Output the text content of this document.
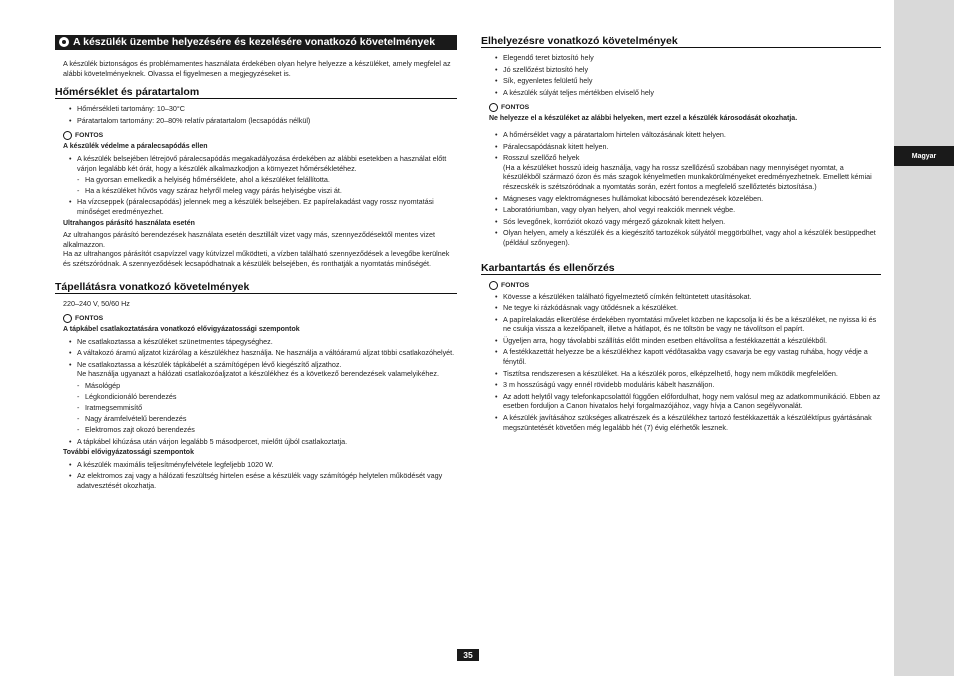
Magyar
A készülék üzembe helyezésére és kezelésére vonatkozó követelmények

A készülék biztonságos és problémamentes használata érdekében olyan helyre helyezze a készüléket, amely megfelel az alábbi követelményeknek. Olvassa el figyelmesen a megjegyzéseket is.

Hőmérséklet és páratartalom
• Hőmérsékleti tartomány: 10–30°C
• Páratartalom tartomány: 20–80% relatív páratartalom (lecsapódás nélkül)
FONTOS

A készülék védelme a páralecsapódás ellen

• A készülék belsejében létrejövő páralecsapódás megakadályozása érdekében az alábbi esetekben a használat előtt várjon legalább két órát, hogy a készülék alkalmazkodjon a környezet hőmérsékletéhez.
- Ha gyorsan emelkedik a helyiség hőmérséklete, ahol a készüléket felállította.
- Ha a készüléket hűvös vagy száraz helyről meleg vagy párás helyiségbe viszi át.
• Ha vízcseppek (páralecsapódás) jelennek meg a készülék belsejében. Ez papírelakadást vagy rossz nyomtatási minőséget eredményezhet.

Ultrahangos párásító használata esetén

Az ultrahangos párásító berendezések használata esetén desztillált vizet vagy más, szennyeződésektől mentes vizet alkalmazzon.
Ha az ultrahangos párásítót csapvízzel vagy kútvízzel működteti, a vízben található szennyeződések a levegőbe kerülnek és szétszóródnak. A szennyeződések lecsapódhatnak a készülék belsejében, és ronthatják a nyomtatás minőségét.

Tápellátásra vonatkozó követelmények

220–240 V, 50/60 Hz

FONTOS

A tápkábel csatlakoztatására vonatkozó elővigyázatossági szempontok

• Ne csatlakoztassa a készüléket szünetmentes tápegységhez.
• A váltakozó áramú aljzatot kizárólag a készülékhez használja. Ne használja a váltóáramú aljzat többi csatlakozóhelyét.
• Ne csatlakoztassa a készülék tápkábelét a számítógépen lévő kiegészítő aljzathoz.
Ne használja ugyanazt a hálózati csatlakozóaljzatot a készülékhez és a következő berendezések valamelyikéhez.
- Másológép
- Légkondicionáló berendezés
- Iratmegsemmisítő
- Nagy áramfelvételű berendezés
- Elektromos zajt okozó berendezés
• A tápkábel kihúzása után várjon legalább 5 másodpercet, mielőtt újból csatlakoztatja.

További elővigyázatossági szempontok

• A készülék maximális teljesítményfelvétele legfeljebb 1020 W.
• Az elektromos zaj vagy a hálózati feszültség hirtelen esése a készülék vagy számítógép helytelen működését vagy adatvesztését okozhatja.
Elhelyezésre vonatkozó követelmények
• Elegendő teret biztosító hely
• Jó szellőzést biztosító hely
• Sík, egyenletes felületű hely
• A készülék súlyát teljes mértékben elviselő hely
FONTOS

Ne helyezze el a készüléket az alábbi helyeken, mert ezzel a készülék károsodását okozhatja.

• A hőmérséklet vagy a páratartalom hirtelen változásának kitett helyen.
• Páralecsapódásnak kitett helyen.
• Rosszul szellőző helyek
(Ha a készüléket hosszú ideig használja, vagy ha rossz szellőzésű szobában nagy mennyiséget nyomtat, a készülékből származó ózon és más szagok kényelmetlen munkakörülményeket eredményezhetnek. Emellett kémiai részecskék is szétszóródnak a nyomtatás során, ezért fontos a megfelelő szellőztetés biztosítása.)
• Mágneses vagy elektromágneses hullámokat kibocsátó berendezések közelében.
• Laboratóriumban, vagy olyan helyen, ahol vegyi reakciók mennek végbe.
• Sós levegőnek, korróziót okozó vagy mérgező gázoknak kitett helyen.
• Olyan helyen, amely a készülék és a kiegészítő tartozékok súlyától meggörbülhet, vagy ahol a készülék besüppedhet (például szőnyegen).
Karbantartás és ellenőrzés
FONTOS
• Kövesse a készüléken található figyelmeztető címkén feltüntetett utasításokat.
• Ne tegye ki rázkódásnak vagy ütődésnek a készüléket.
• A papírelakadás elkerülése érdekében nyomtatási művelet közben ne kapcsolja ki és be a készüléket, ne nyissa ki és ne csukja vissza a kezelőpanelt, illetve a hátlapot, és ne töltsön be vagy ne távolítson el papírt.
• Ügyeljen arra, hogy távolabbi szállítás előtt minden esetben eltávolítsa a festékkazettát a készülékből.
• A festékkazettát helyezze be a készülékhez kapott védőtasakba vagy csavarja be egy vastag ruhába, hogy védje a fénytől.
• Tisztítsa rendszeresen a készüléket. Ha a készülék poros, elképzelhető, hogy nem működik megfelelően.
• 3 m hosszúságú vagy ennél rövidebb moduláris kábelt használjon.
• Az adott helytől vagy telefonkapcsolattól függően előfordulhat, hogy nem valósul meg az adatkommunikáció. Ebben az esetben forduljon a Canon hivatalos helyi forgalmazójához, vagy hívja a Canon segélyvonalát.
• A készülék javításához szükséges alkatrészek és a készülékhez tartozó festékkazetták a készüléktípus gyártásának megszüntetését követően még legalább hét (7) évig elérhetők lesznek.
35
